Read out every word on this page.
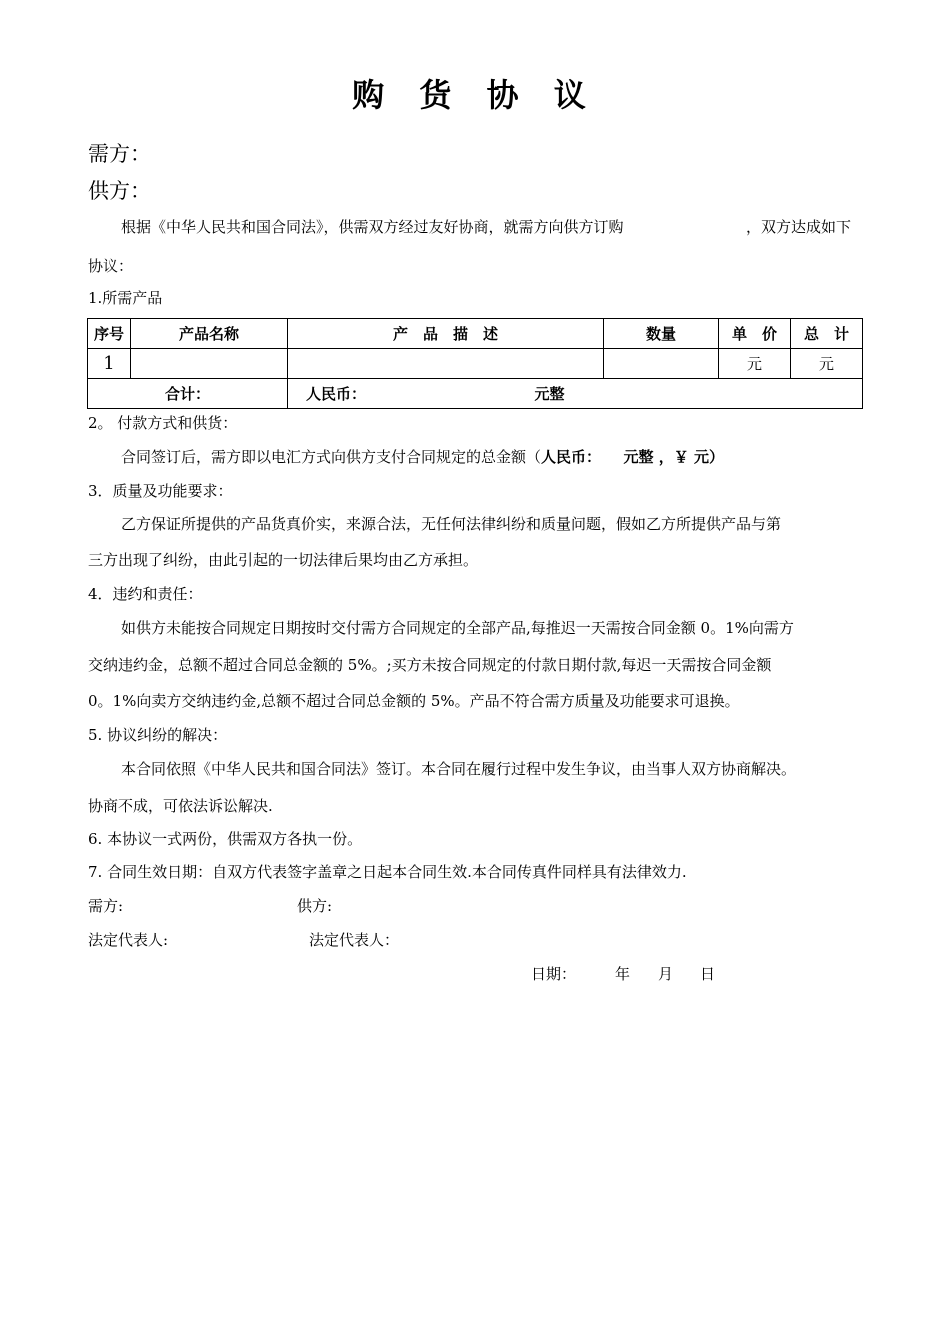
购 货 协 议
需方：
供方：
根据《中华人民共和国合同法》，供需双方经过友好协商，就需方向供方订购	，双方达成如下
协议：
1.所需产品
序号	产品名称	产　品　描　述	数量	单　价	总　计
1				元	元
合计：		人民币： 元整			
2。 付款方式和供货：
合同签订后，需方即以电汇方式向供方支付合同规定的总金额（人民币：　　元整 ，￥ 元）
3．质量及功能要求：
乙方保证所提供的产品货真价实，来源合法，无任何法律纠纷和质量问题，假如乙方所提供产品与第
三方出现了纠纷，由此引起的一切法律后果均由乙方承担。
4．违约和责任：
如供方未能按合同规定日期按时交付需方合同规定的全部产品,每推迟一天需按合同金额 0。1%向需方
交纳违约金，总额不超过合同总金额的 5%。;买方未按合同规定的付款日期付款,每迟一天需按合同金额
0。1%向卖方交纳违约金,总额不超过合同总金额的 5%。产品不符合需方质量及功能要求可退换。
5. 协议纠纷的解决：
本合同依照《中华人民共和国合同法》签订。本合同在履行过程中发生争议，由当事人双方协商解决。
协商不成，可依法诉讼解决.
6. 本协议一式两份，供需双方各执一份。
7. 合同生效日期：自双方代表签字盖章之日起本合同生效.本合同传真件同样具有法律效力.
需方:	供方:
法定代表人:	法定代表人：
日期：	年 月 日
